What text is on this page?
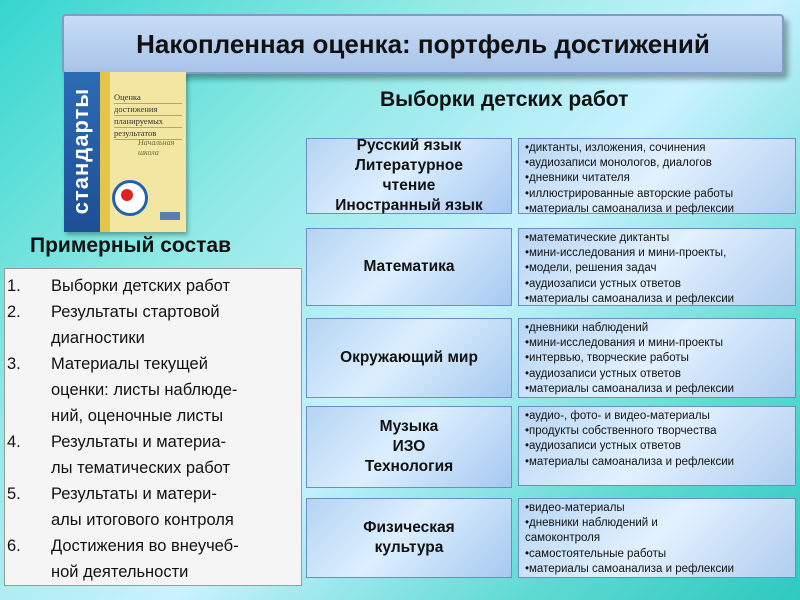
Накопленная оценка: портфель достижений
стандарты Оценка
достижения
планируемых
результатов
Начальная школа
Выборки детских работ
Примерный состав
1. Выборки детских работ
2. Результаты стартовой
диагностики
3. Материалы текущей
оценки: листы наблюде-
ний, оценочные листы
4. Результаты и материа-
лы тематических работ
5. Результаты и матери-
алы итогового контроля
6. Достижения во внеучеб-
ной деятельности
Русский язык
Литературное
чтение
Иностранный язык
•диктанты, изложения, сочинения
•аудиозаписи монологов, диалогов
•дневники читателя
•иллюстрированные авторские работы
•материалы самоанализа и рефлексии
Математика
•математические диктанты
•мини-исследования и мини-проекты,
•модели, решения задач
•аудиозаписи устных ответов
•материалы самоанализа и рефлексии
Окружающий мир
•дневники наблюдений
•мини-исследования и мини-проекты
•интервью, творческие работы
•аудиозаписи устных ответов
•материалы самоанализа и рефлексии
Музыка
ИЗО
Технология
•аудио-, фото- и видео-материалы
•продукты собственного творчества
•аудиозаписи устных ответов
•материалы самоанализа и рефлексии
Физическая
культура
•видео-материалы
•дневники наблюдений и
самоконтроля
•самостоятельные работы
•материалы самоанализа и рефлексии
